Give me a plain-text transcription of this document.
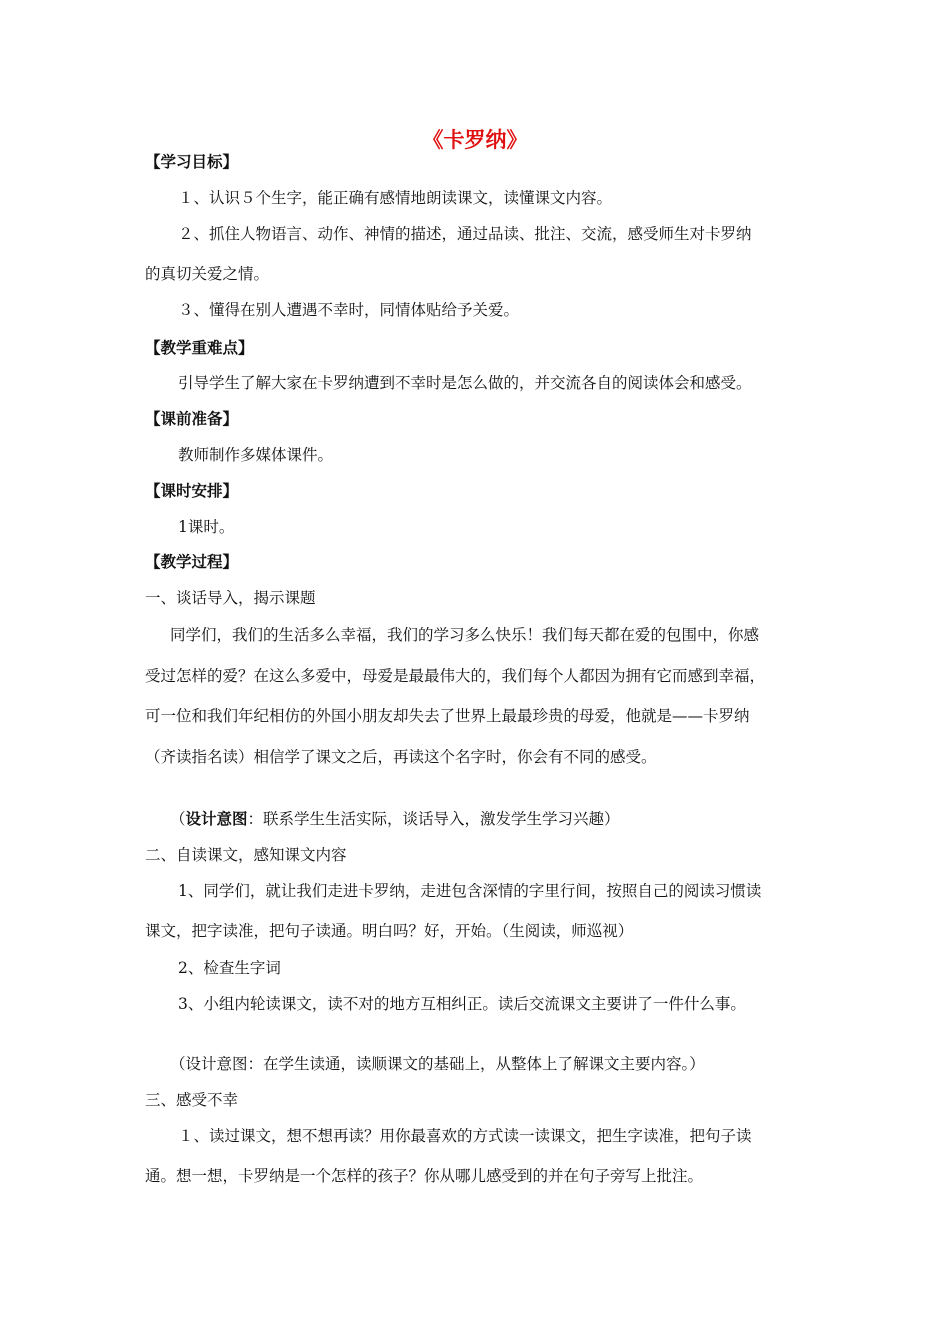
《卡罗纳》
【学习目标】
１、认识５个生字，能正确有感情地朗读课文，读懂课文内容。
２、抓住人物语言、动作、神情的描述，通过品读、批注、交流，感受师生对卡罗纳
的真切关爱之情。
３、懂得在别人遭遇不幸时，同情体贴给予关爱。
【教学重难点】
引导学生了解大家在卡罗纳遭到不幸时是怎么做的，并交流各自的阅读体会和感受。
【课前准备】
教师制作多媒体课件。
【课时安排】
1课时。
【教学过程】
一、谈话导入，揭示课题
同学们，我们的生活多么幸福，我们的学习多么快乐！我们每天都在爱的包围中，你感
受过怎样的爱？在这么多爱中，母爱是最最伟大的，我们每个人都因为拥有它而感到幸福，
可一位和我们年纪相仿的外国小朋友却失去了世界上最最珍贵的母爱，他就是——卡罗纳
（齐读指名读）相信学了课文之后，再读这个名字时，你会有不同的感受。
（设计意图：联系学生生活实际，谈话导入，激发学生学习兴趣）
二、自读课文，感知课文内容
1、同学们，就让我们走进卡罗纳，走进包含深情的字里行间，按照自己的阅读习惯读
课文，把字读准，把句子读通。明白吗？好，开始。（生阅读，师巡视）
2、检查生字词
3、小组内轮读课文，读不对的地方互相纠正。读后交流课文主要讲了一件什么事。
（设计意图：在学生读通，读顺课文的基础上，从整体上了解课文主要内容。）
三、感受不幸
１、读过课文，想不想再读？用你最喜欢的方式读一读课文，把生字读准，把句子读
通。想一想，卡罗纳是一个怎样的孩子？你从哪儿感受到的并在句子旁写上批注。
